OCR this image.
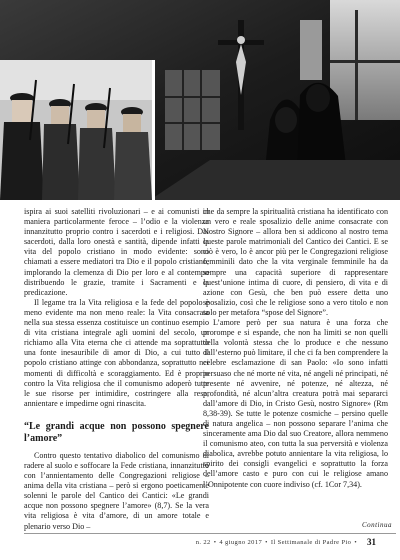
ispira ai suoi satelliti rivoluzionari – e ai comunisti in maniera particolarmente feroce – l’odio e la violenza innanzitutto proprio contro i sacerdoti e i religiosi. Dai sacerdoti, dalla loro onestà e santità, dipende infatti la vita del popolo cristiano in modo evidente: sono chiamati a essere mediatori tra Dio e il popolo cristiano, implorando la clemenza di Dio per loro e al contempo distribuendo le grazie, tramite i Sacramenti e la predicazione.

Il legame tra la Vita religiosa e la fede del popolo è meno evidente ma non meno reale: la Vita consacrata nella sua stessa essenza costituisce un continuo esempio di vita cristiana integrale agli uomini del secolo, un richiamo alla Vita eterna che ci attende ma soprattutto una fonte inesauribile di amor di Dio, a cui tutto il popolo cristiano attinge con abbondanza, soprattutto nei momenti di difficoltà e scoraggiamento. Ed è proprio contro la Vita religiosa che il comunismo adoperò tutte le sue risorse per intimidire, costringere alla resa, annientare e impedirne ogni rinascita.

“Le grandi acque non possono spegnere l’amore”

Contro questo tentativo diabolico del comunismo di radere al suolo e soffocare la Fede cristiana, innanzitutto con l’annientamento delle Congregazioni religiose – anima della vita cristiana – però si ergono poeticamente solenni le parole del Cantico dei Cantici: «Le grandi acque non possono spegnere l’amore» (8,7). Se la vera vita religiosa è vita d’amore, di un amore totale e plenario verso Dio –

che da sempre la spiritualità cristiana ha identificato con un vero e reale sposalizio delle anime consacrate con Nostro Signore – allora ben si addicono al nostro tema queste parole matrimoniali del Cantico dei Cantici. E se ciò è vero, lo è ancor più per le Congregazioni religiose femminili dato che la vita verginale femminile ha da sempre una capacità superiore di rappresentare quest’unione intima di cuore, di pensiero, di vita e di azione con Gesù, che ben può essere detta uno sposalizio, così che le religiose sono a vero titolo e non solo per metafora “spose del Signore”.

L’amore però per sua natura è una forza che prorompe e si espande, che non ha limiti se non quelli della volontà stessa che lo produce e che nessuno dall’esterno può limitare, il che ci fa ben comprendere la celebre esclamazione di san Paolo: «Io sono infatti persuaso che né morte né vita, né angeli né principati, né presente né avvenire, né potenze, né altezza, né profondità, né alcun’altra creatura potrà mai separarci dall’amore di Dio, in Cristo Gesù, nostro Signore» (Rm 8,38-39). Se tutte le potenze cosmiche – persino quelle di natura angelica – non possono separare l’anima che sinceramente ama Dio dal suo Creatore, allora nemmeno il comunismo ateo, con tutta la sua perversità e violenza diabolica, avrebbe potuto annientare la vita religiosa, lo spirito dei consigli evangelici e soprattutto la forza dell’amore casto e puro con cui le religiose amano l’Onnipotente con cuore indiviso (cf. 1Cor 7,34).

Continua
n. 22 • 4 giugno 2017 • Il Settimanale di Padre Pio •	31
